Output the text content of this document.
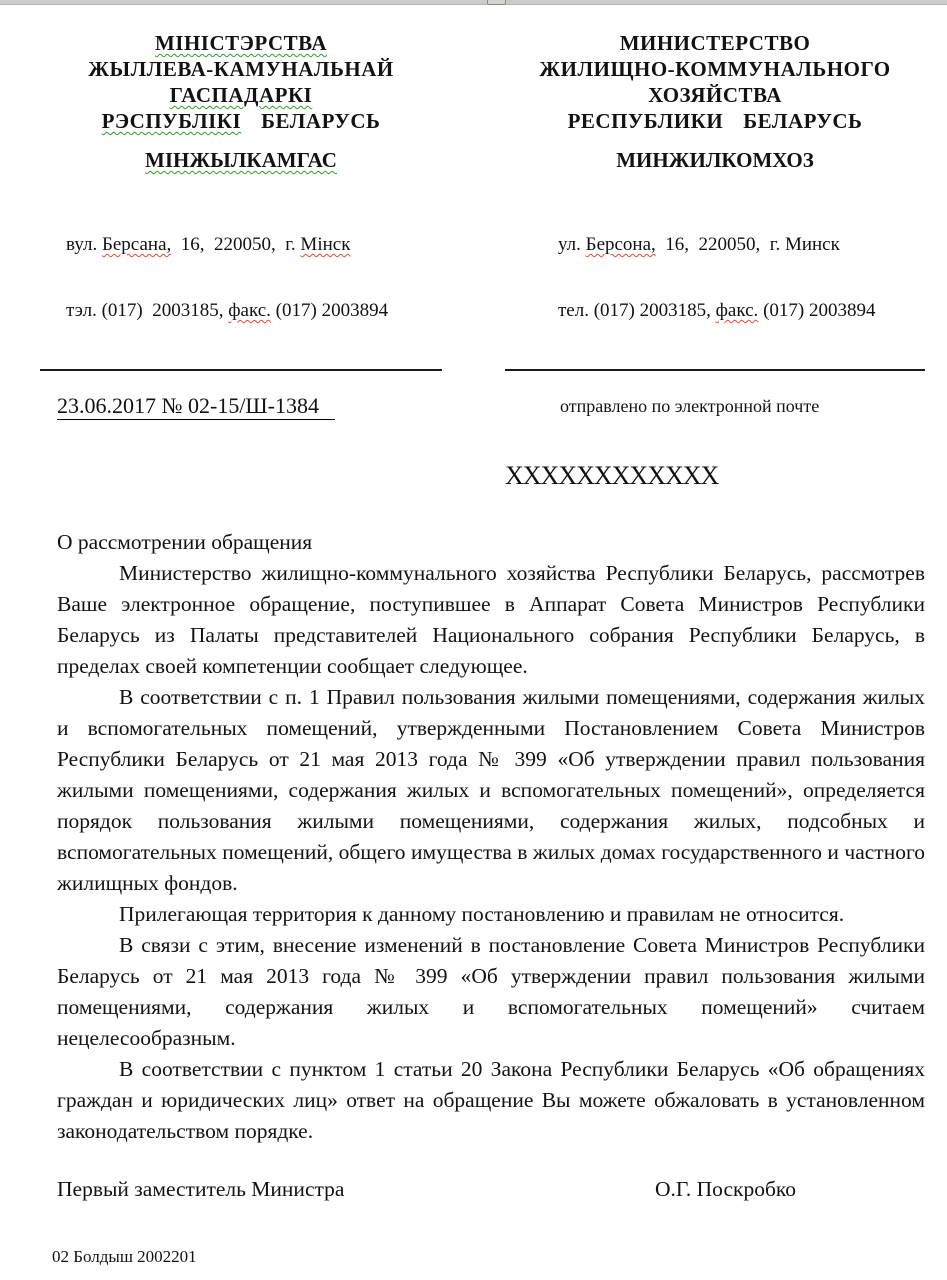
МІНІСТЭРСТВА
ЖЫЛЛЕВА-КАМУНАЛЬНАЙ
ГАСПАДАРКІ
РЭСПУБЛІКІ БЕЛАРУСЬ
МІНЖЫЛКАМГАС

вул. Берсана,  16,  220050,  г. Мінск

тэл. (017)  2003185, факс. (017) 2003894

МИНИСТЕРСТВО
ЖИЛИЩНО-КОММУНАЛЬНОГО
ХОЗЯЙСТВА
РЕСПУБЛИКИ БЕЛАРУСЬ
МИНЖИЛКОМХОЗ

ул. Берсона,  16,  220050,  г. Минск

тел. (017) 2003185, факс. (017) 2003894

23.06.2017 № 02-15/Ш-1384	отправлено по электронной почте
ХХХХХХХХХХХХ

О рассмотрении обращения

Министерство жилищно-коммунального хозяйства Республики Беларусь, рассмотрев Ваше электронное обращение, поступившее в Аппарат Совета Министров Республики Беларусь из Палаты представителей Национального собрания Республики Беларусь, в пределах своей компетенции сообщает следующее.

В соответствии с п. 1 Правил пользования жилыми помещениями, содержания жилых и вспомогательных помещений, утвержденными Постановлением Совета Министров Республики Беларусь от 21 мая 2013 года № 399 «Об утверждении правил пользования жилыми помещениями, содержания жилых и вспомогательных помещений», определяется порядок пользования жилыми помещениями, содержания жилых, подсобных и вспомогательных помещений, общего имущества в жилых домах государственного и частного жилищных фондов.

Прилегающая территория к данному постановлению и правилам не относится.

В связи с этим, внесение изменений в постановление Совета Министров Республики Беларусь от 21 мая 2013 года № 399 «Об утверждении правил пользования жилыми помещениями, содержания жилых и вспомогательных помещений» считаем нецелесообразным.

В соответствии с пунктом 1 статьи 20 Закона Республики Беларусь «Об обращениях граждан и юридических лиц» ответ на обращение Вы можете обжаловать в установленном законодательством порядке.

Первый заместитель Министра	О.Г. Поскробко
02 Болдыш 2002201
